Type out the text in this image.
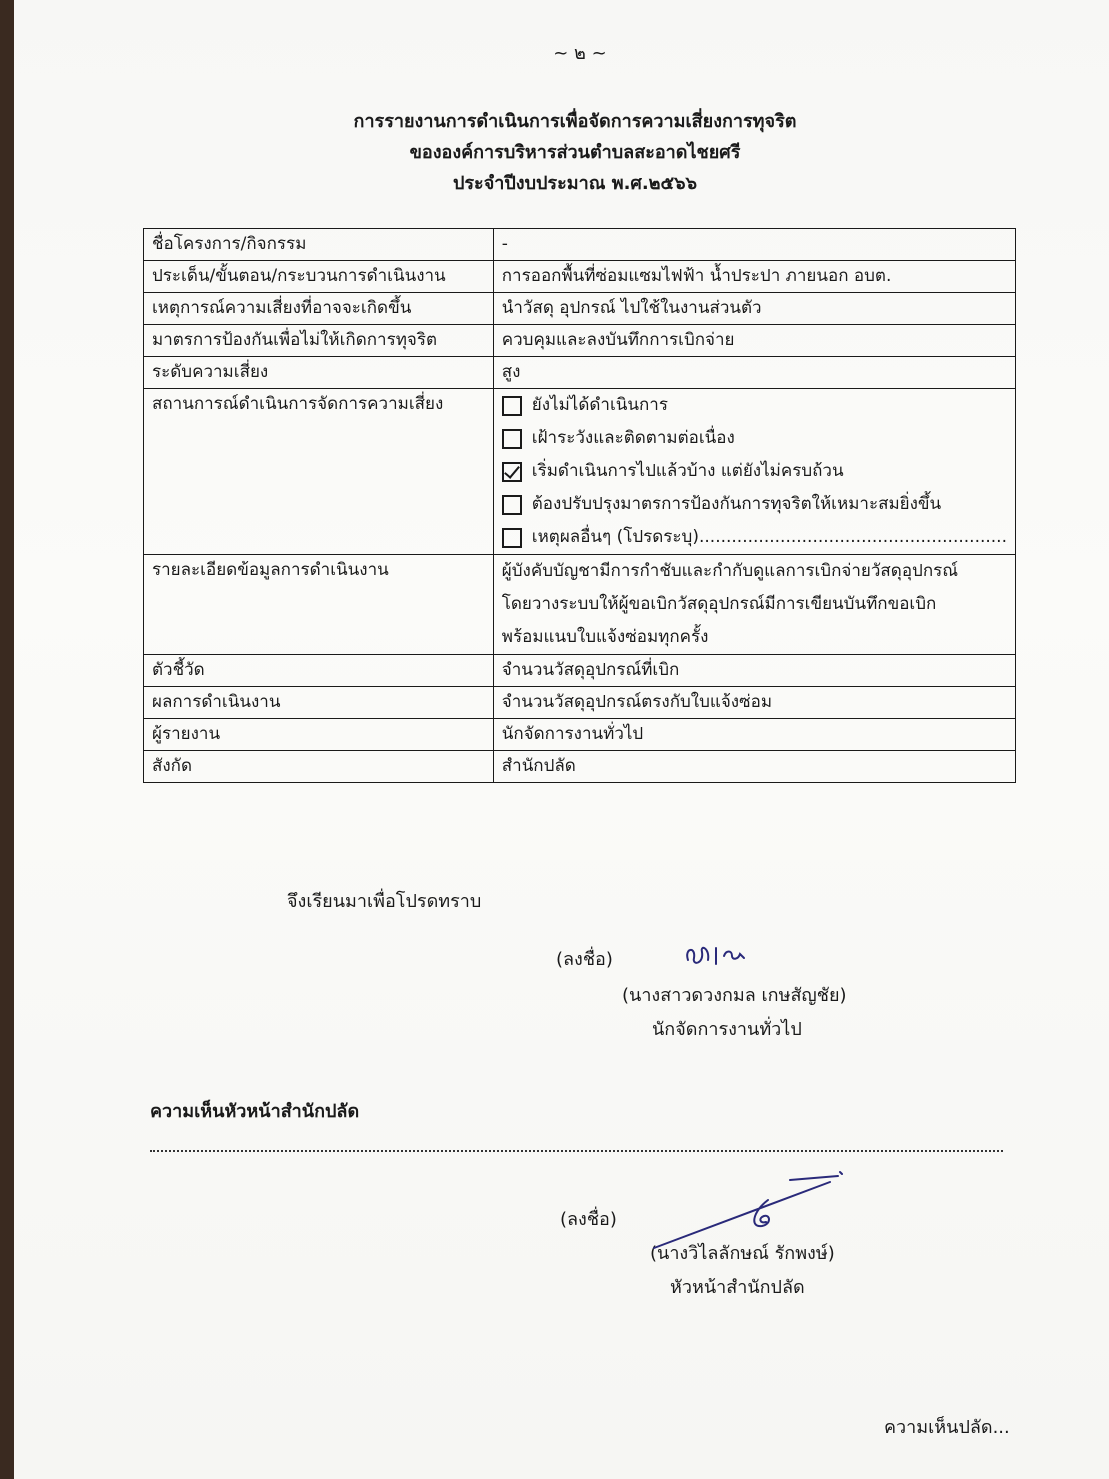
~ ๒ ~
การรายงานการดำเนินการเพื่อจัดการความเสี่ยงการทุจริต
ขององค์การบริหารส่วนตำบลสะอาดไชยศรี
ประจำปีงบประมาณ พ.ศ.๒๕๖๖
ชื่อโครงการ/กิจกรรม	-
ประเด็น/ขั้นตอน/กระบวนการดำเนินงาน	การออกพื้นที่ซ่อมแซมไฟฟ้า น้ำประปา ภายนอก อบต.
เหตุการณ์ความเสี่ยงที่อาจจะเกิดขึ้น	นำวัสดุ อุปกรณ์ ไปใช้ในงานส่วนตัว
มาตรการป้องกันเพื่อไม่ให้เกิดการทุจริต	ควบคุมและลงบันทึกการเบิกจ่าย
ระดับความเสี่ยง	สูง
สถานการณ์ดำเนินการจัดการความเสี่ยง	ยังไม่ได้ดำเนินการ
เฝ้าระวังและติดตามต่อเนื่อง
เริ่มดำเนินการไปแล้วบ้าง แต่ยังไม่ครบถ้วน
ต้องปรับปรุงมาตรการป้องกันการทุจริตให้เหมาะสมยิ่งขึ้น
เหตุผลอื่นๆ (โปรดระบุ).........................................................

รายละเอียดข้อมูลการดำเนินงาน	ผู้บังคับบัญชามีการกำชับและกำกับดูแลการเบิกจ่ายวัสดุอุปกรณ์
โดยวางระบบให้ผู้ขอเบิกวัสดุอุปกรณ์มีการเขียนบันทึกขอเบิก
พร้อมแนบใบแจ้งซ่อมทุกครั้ง

ตัวชี้วัด	จำนวนวัสดุอุปกรณ์ที่เบิก
ผลการดำเนินงาน	จำนวนวัสดุอุปกรณ์ตรงกับใบแจ้งซ่อม
ผู้รายงาน	นักจัดการงานทั่วไป
สังกัด	สำนักปลัด
จึงเรียนมาเพื่อโปรดทราบ
(ลงชื่อ)
(นางสาวดวงกมล เกษสัญชัย)
นักจัดการงานทั่วไป
ความเห็นหัวหน้าสำนักปลัด
(ลงชื่อ)
(นางวิไลลักษณ์ รักพงษ์)
หัวหน้าสำนักปลัด
ความเห็นปลัด...
